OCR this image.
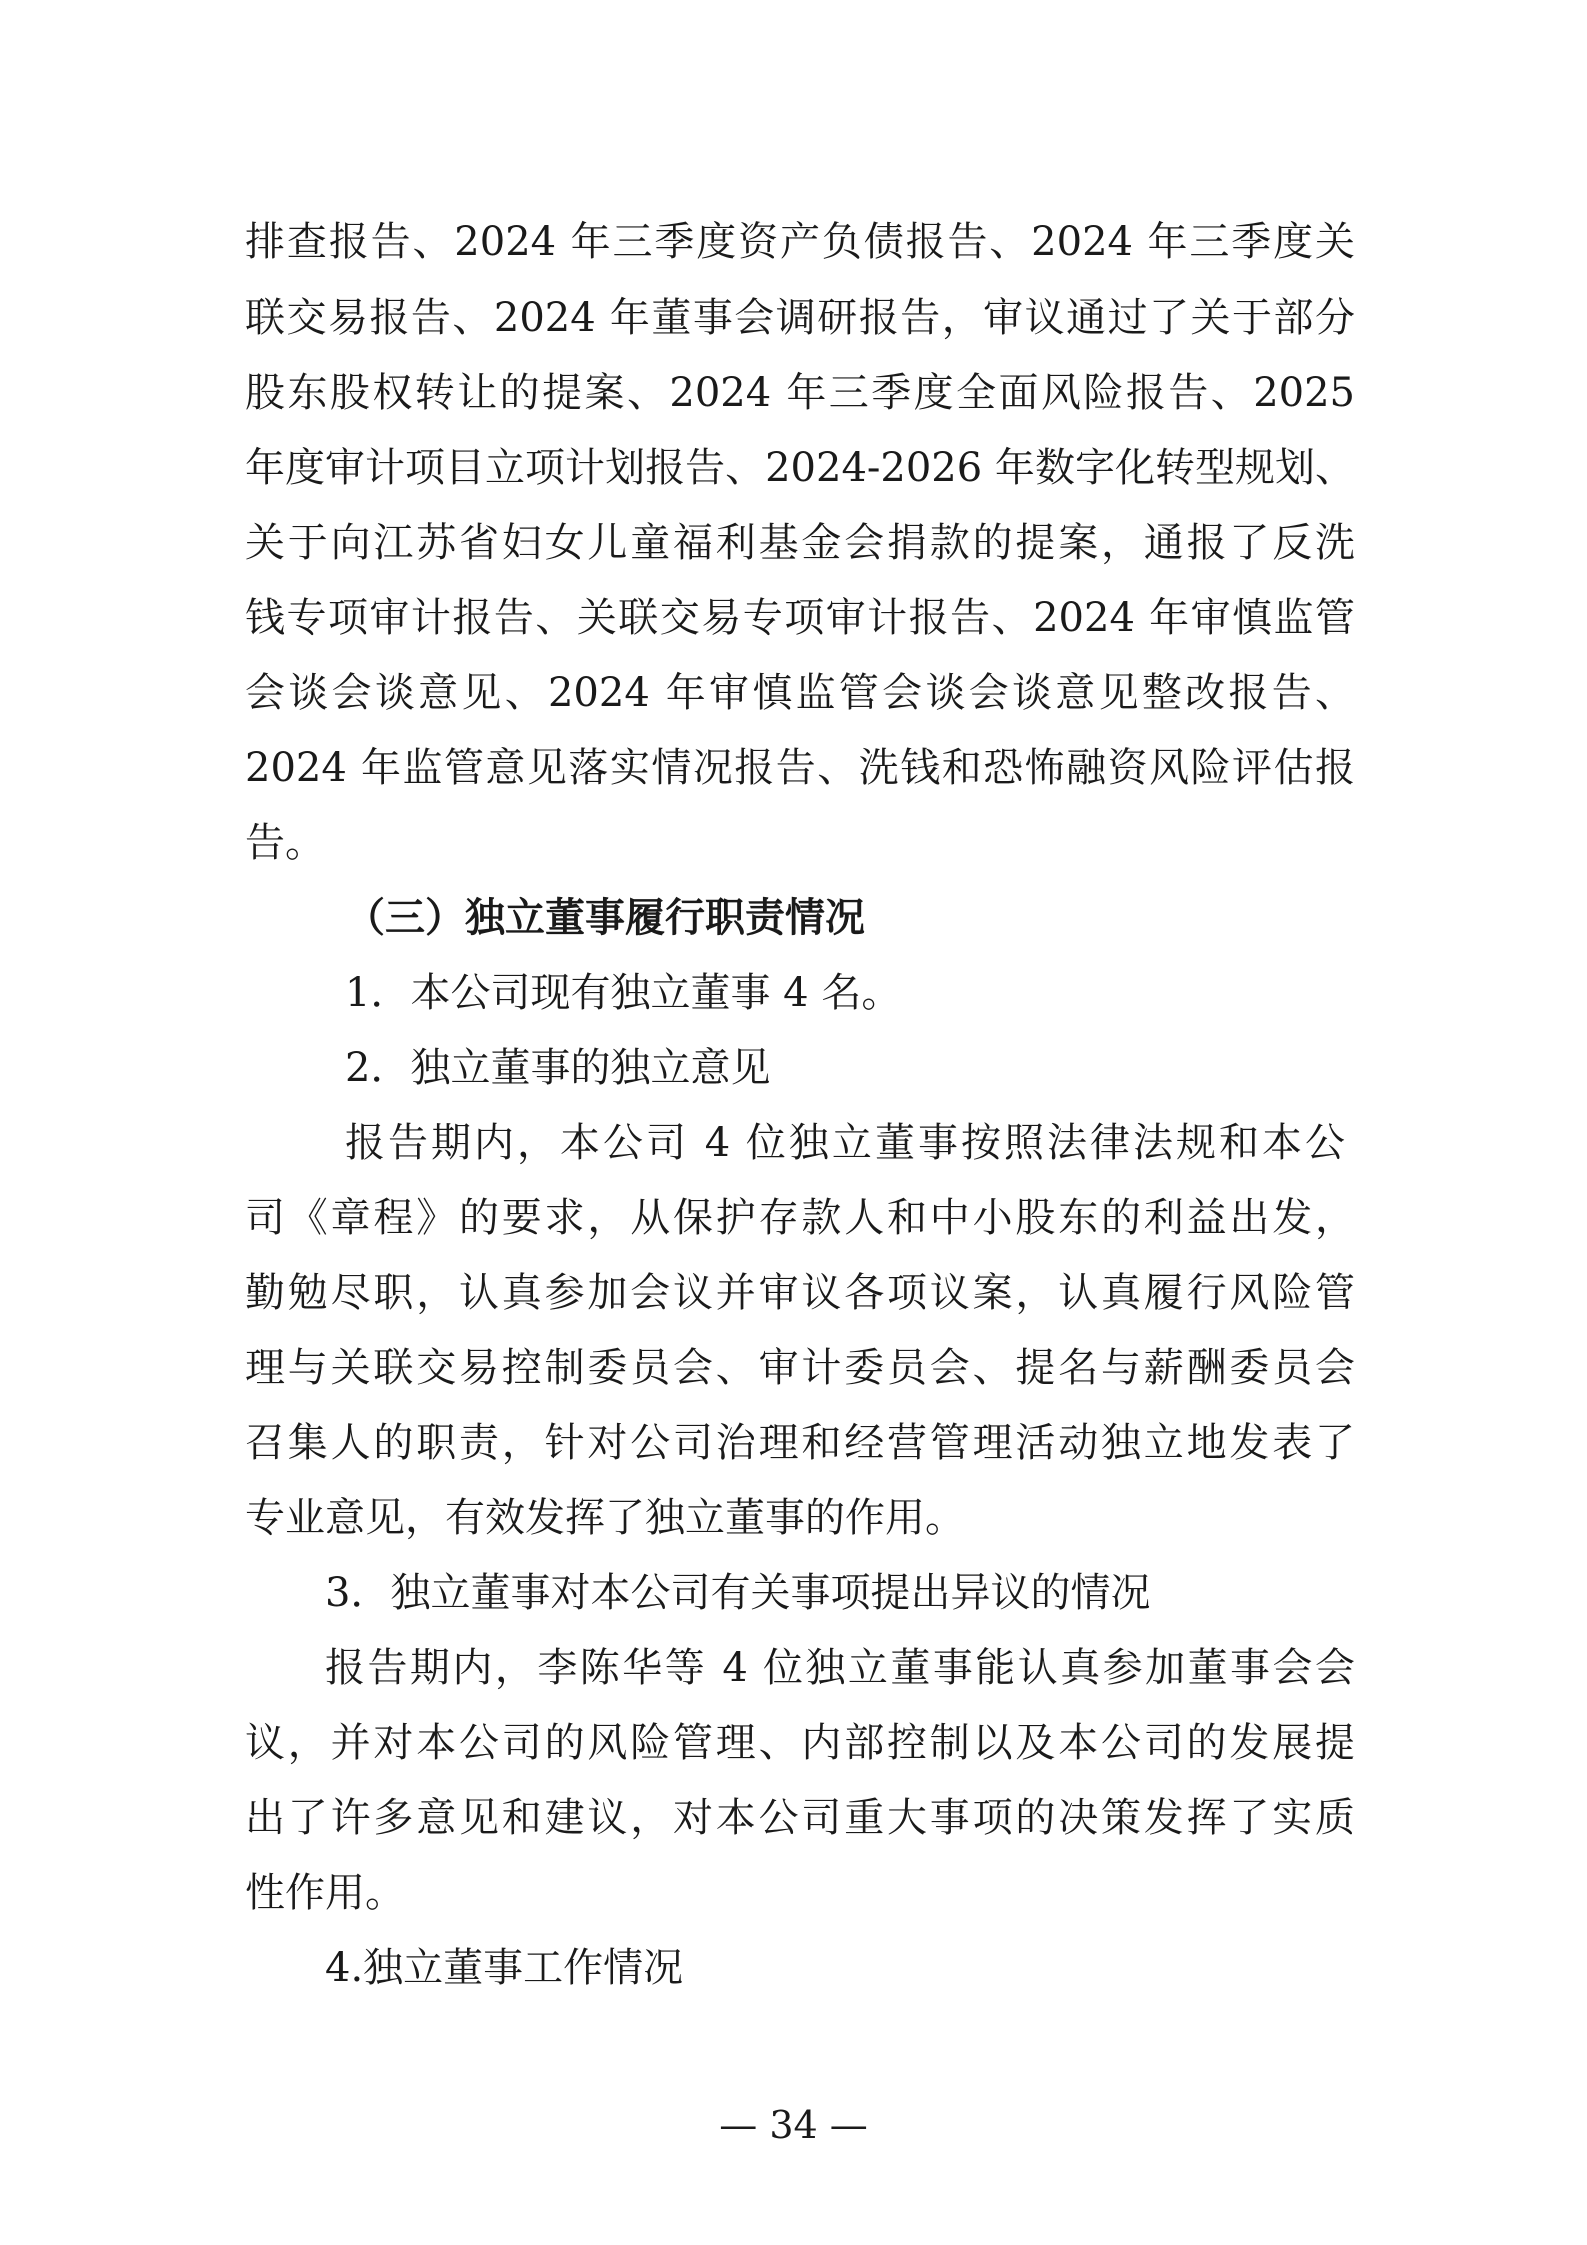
排查报告、2024 年三季度资产负债报告、2024 年三季度关
联交易报告、2024 年董事会调研报告，审议通过了关于部分
股东股权转让的提案、2024 年三季度全面风险报告、2025
年度审计项目立项计划报告、2024-2026 年数字化转型规划、
关于向江苏省妇女儿童福利基金会捐款的提案，通报了反洗
钱专项审计报告、关联交易专项审计报告、2024 年审慎监管
会谈会谈意见、2024 年审慎监管会谈会谈意见整改报告、
2024 年监管意见落实情况报告、洗钱和恐怖融资风险评估报
告。
（三）独立董事履行职责情况
1．本公司现有独立董事 4 名。
2．独立董事的独立意见
报告期内，本公司 4 位独立董事按照法律法规和本公
司《章程》的要求，从保护存款人和中小股东的利益出发，
勤勉尽职，认真参加会议并审议各项议案，认真履行风险管
理与关联交易控制委员会、审计委员会、提名与薪酬委员会
召集人的职责，针对公司治理和经营管理活动独立地发表了
专业意见，有效发挥了独立董事的作用。
3．独立董事对本公司有关事项提出异议的情况
报告期内，李陈华等 4 位独立董事能认真参加董事会会
议，并对本公司的风险管理、内部控制以及本公司的发展提
出了许多意见和建议，对本公司重大事项的决策发挥了实质
性作用。
4.独立董事工作情况
— 34 —
